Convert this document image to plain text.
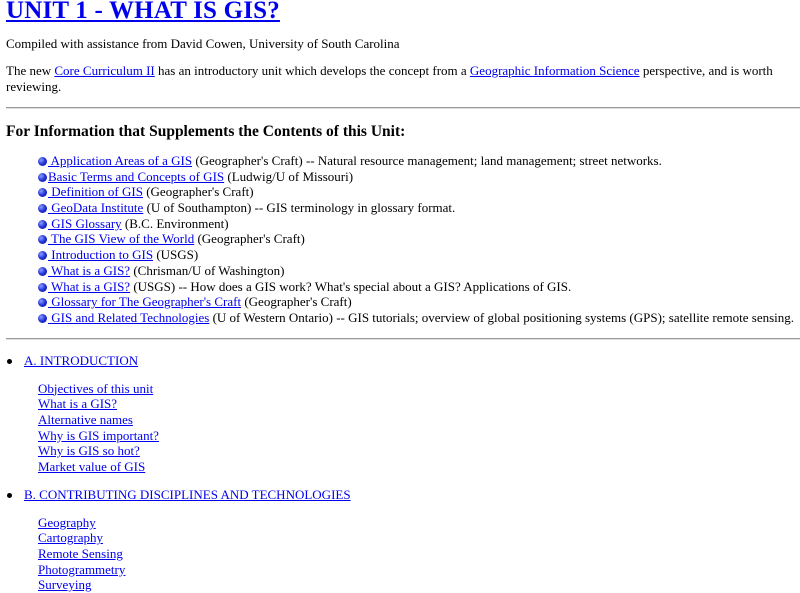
UNIT 1 - WHAT IS GIS?

Compiled with assistance from David Cowen, University of South Carolina

The new Core Curriculum II has an introductory unit which develops the concept from a Geographic Information Science perspective, and is worth reviewing.

For Information that Supplements the Contents of this Unit:
Application Areas of a GIS (Geographer's Craft) -- Natural resource management; land management; street networks.
Basic Terms and Concepts of GIS (Ludwig/U of Missouri)
Definition of GIS (Geographer's Craft)
GeoData Institute (U of Southampton) -- GIS terminology in glossary format.
GIS Glossary (B.C. Environment)
The GIS View of the World (Geographer's Craft)
Introduction to GIS (USGS)
What is a GIS? (Chrisman/U of Washington)
What is a GIS? (USGS) -- How does a GIS work? What's special about a GIS? Applications of GIS.
Glossary for The Geographer's Craft (Geographer's Craft)
GIS and Related Technologies (U of Western Ontario) -- GIS tutorials; overview of global positioning systems (GPS); satellite remote sensing.
A. INTRODUCTION
Objectives of this unit
What is a GIS?
Alternative names
Why is GIS important?
Why is GIS so hot?
Market value of GIS
B. CONTRIBUTING DISCIPLINES AND TECHNOLOGIES
Geography
Cartography
Remote Sensing
Photogrammetry
Surveying
